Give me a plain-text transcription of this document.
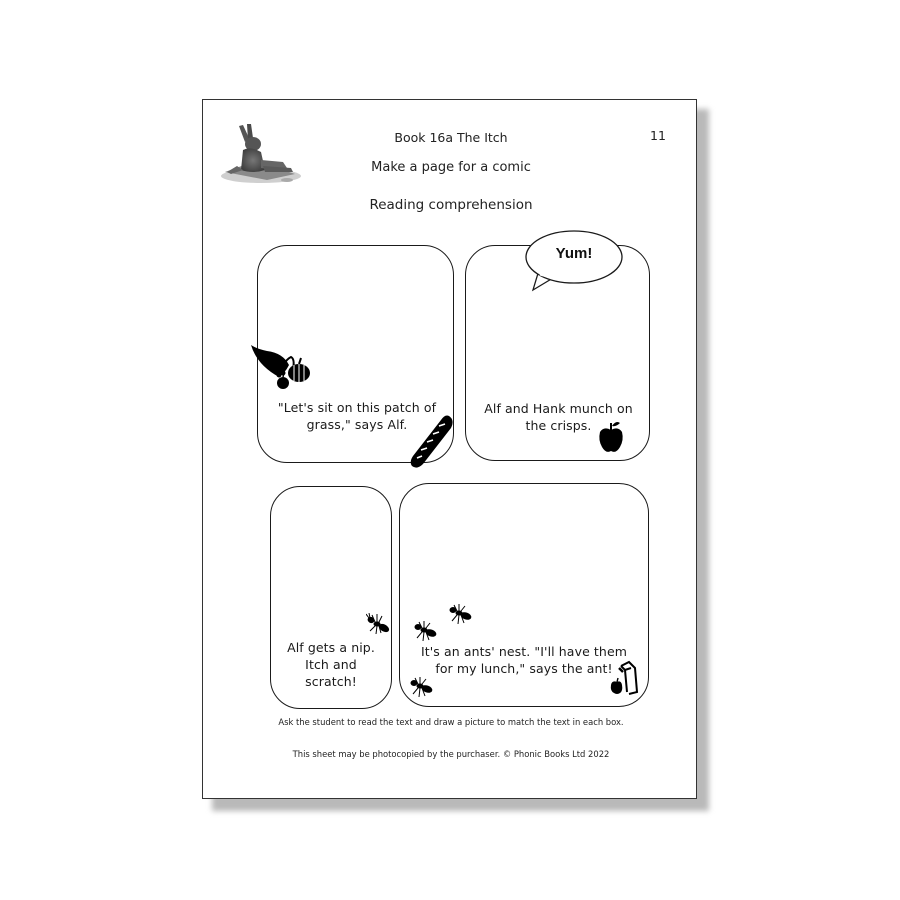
Book 16a The Itch	11
Make a page for a comic
Reading comprehension
"Let's sit on this patch of grass," says Alf.
Alf and Hank munch on the crisps.
Yum!
Alf gets a nip. Itch and scratch!
It's an ants' nest. "I'll have them for my lunch," says the ant!
Ask the student to read the text and draw a picture to match the text in each box.
This sheet may be photocopied by the purchaser. © Phonic Books Ltd 2022
